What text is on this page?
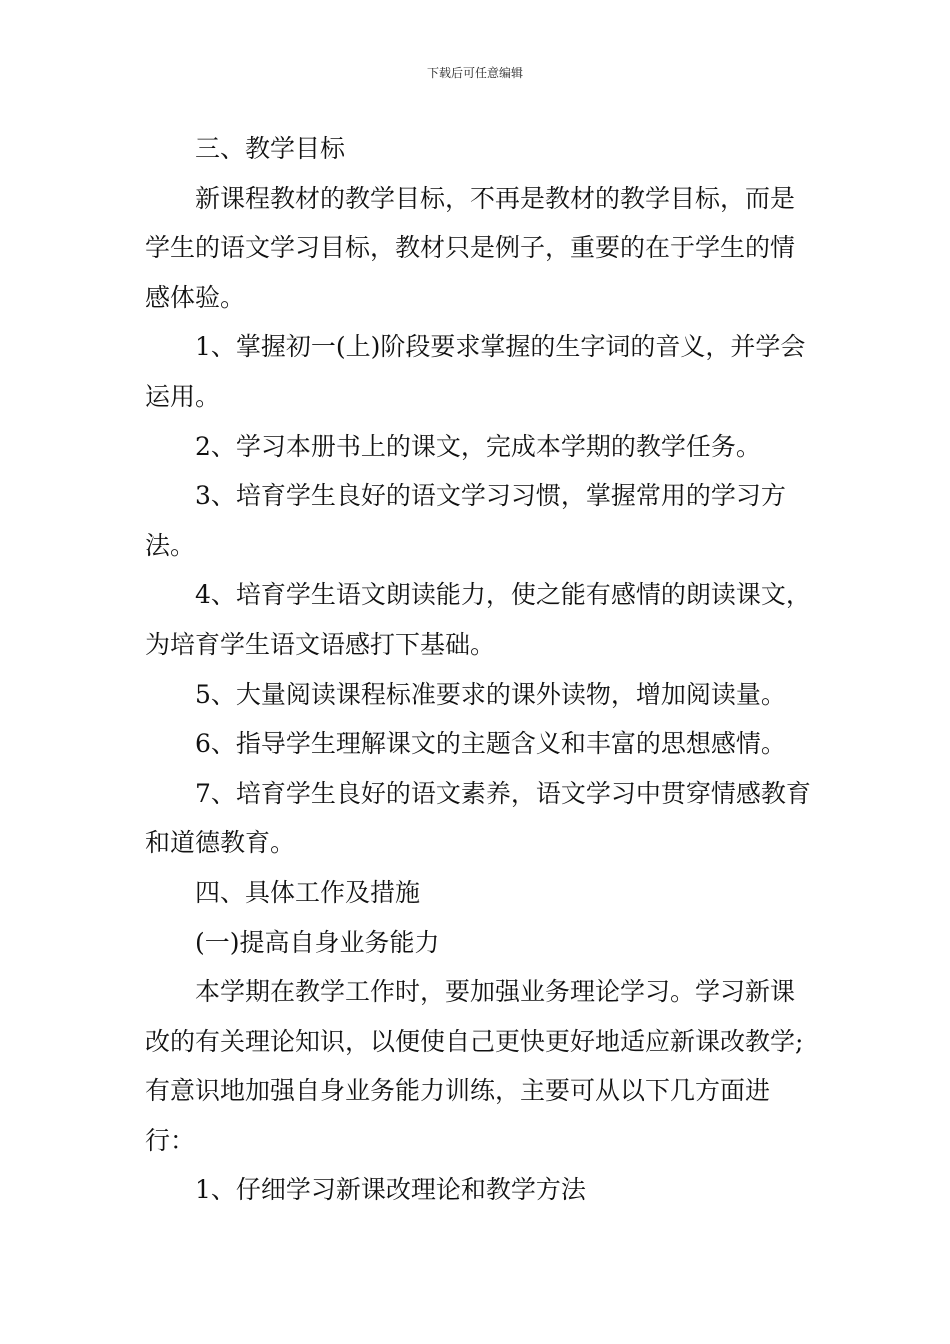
下载后可任意编辑

三、教学目标

新课程教材的教学目标，不再是教材的教学目标，而是学生的语文学习目标，教材只是例子，重要的在于学生的情感体验。

1、掌握初一(上)阶段要求掌握的生字词的音义，并学会运用。

2、学习本册书上的课文，完成本学期的教学任务。

3、培育学生良好的语文学习习惯，掌握常用的学习方法。

4、培育学生语文朗读能力，使之能有感情的朗读课文，为培育学生语文语感打下基础。

5、大量阅读课程标准要求的课外读物，增加阅读量。

6、指导学生理解课文的主题含义和丰富的思想感情。

7、培育学生良好的语文素养，语文学习中贯穿情感教育和道德教育。

四、具体工作及措施

(一)提高自身业务能力

本学期在教学工作时，要加强业务理论学习。学习新课改的有关理论知识，以便使自己更快更好地适应新课改教学;有意识地加强自身业务能力训练，主要可从以下几方面进行：

1、仔细学习新课改理论和教学方法
